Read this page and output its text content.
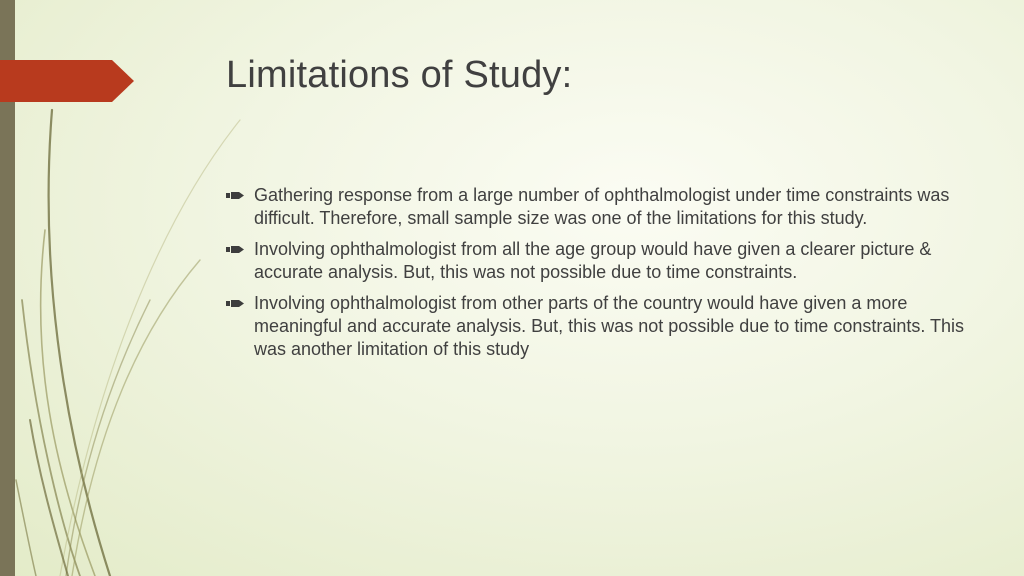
Limitations of Study:
Gathering response from a large number of ophthalmologist under time constraints was difficult. Therefore, small sample size was one of the limitations for this study.
Involving ophthalmologist from all the age group would have given a clearer picture & accurate analysis. But, this was not possible due to time constraints.
Involving ophthalmologist from other parts of the country would have given a more meaningful and accurate analysis. But, this was not possible due to time constraints. This was another limitation of this study
